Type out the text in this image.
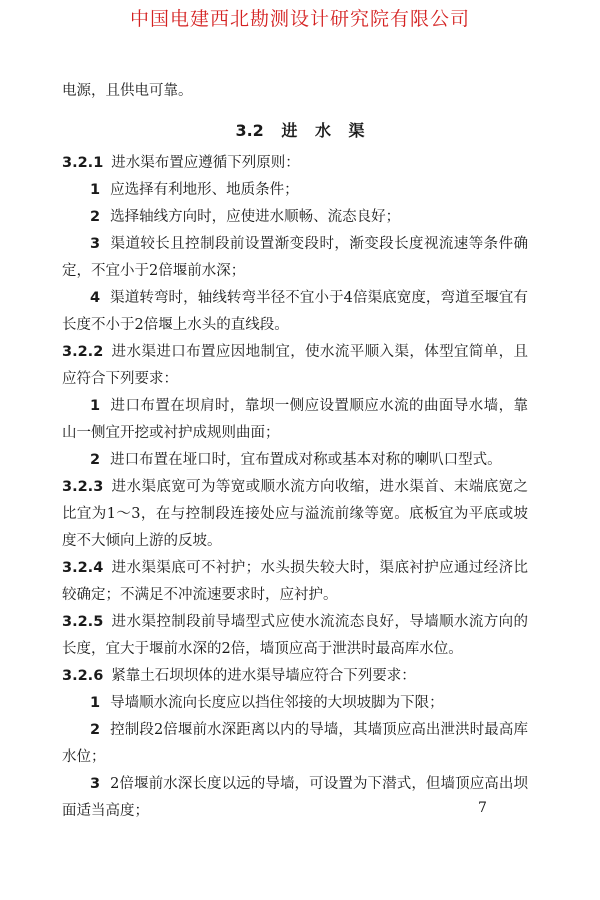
中国电建西北勘测设计研究院有限公司

电源，且供电可靠。

3.2 进 水 渠

3.2.1 进水渠布置应遵循下列原则：

1 应选择有利地形、地质条件；

2 选择轴线方向时，应使进水顺畅、流态良好；

3 渠道较长且控制段前设置渐变段时，渐变段长度视流速等条件确定，不宜小于2倍堰前水深；

4 渠道转弯时，轴线转弯半径不宜小于4倍渠底宽度，弯道至堰宜有长度不小于2倍堰上水头的直线段。

3.2.2 进水渠进口布置应因地制宜，使水流平顺入渠，体型宜简单，且应符合下列要求：

1 进口布置在坝肩时，靠坝一侧应设置顺应水流的曲面导水墙，靠山一侧宜开挖或衬护成规则曲面；

2 进口布置在垭口时，宜布置成对称或基本对称的喇叭口型式。

3.2.3 进水渠底宽可为等宽或顺水流方向收缩，进水渠首、末端底宽之比宜为1～3，在与控制段连接处应与溢流前缘等宽。底板宜为平底或坡度不大倾向上游的反坡。

3.2.4 进水渠渠底可不衬护；水头损失较大时，渠底衬护应通过经济比较确定；不满足不冲流速要求时，应衬护。

3.2.5 进水渠控制段前导墙型式应使水流流态良好，导墙顺水流方向的长度，宜大于堰前水深的2倍，墙顶应高于泄洪时最高库水位。

3.2.6 紧靠土石坝坝体的进水渠导墙应符合下列要求：

1 导墙顺水流向长度应以挡住邻接的大坝坡脚为下限；

2 控制段2倍堰前水深距离以内的导墙，其墙顶应高出泄洪时最高库水位；

3 2倍堰前水深长度以远的导墙，可设置为下潜式，但墙顶应高出坝面适当高度；	7
